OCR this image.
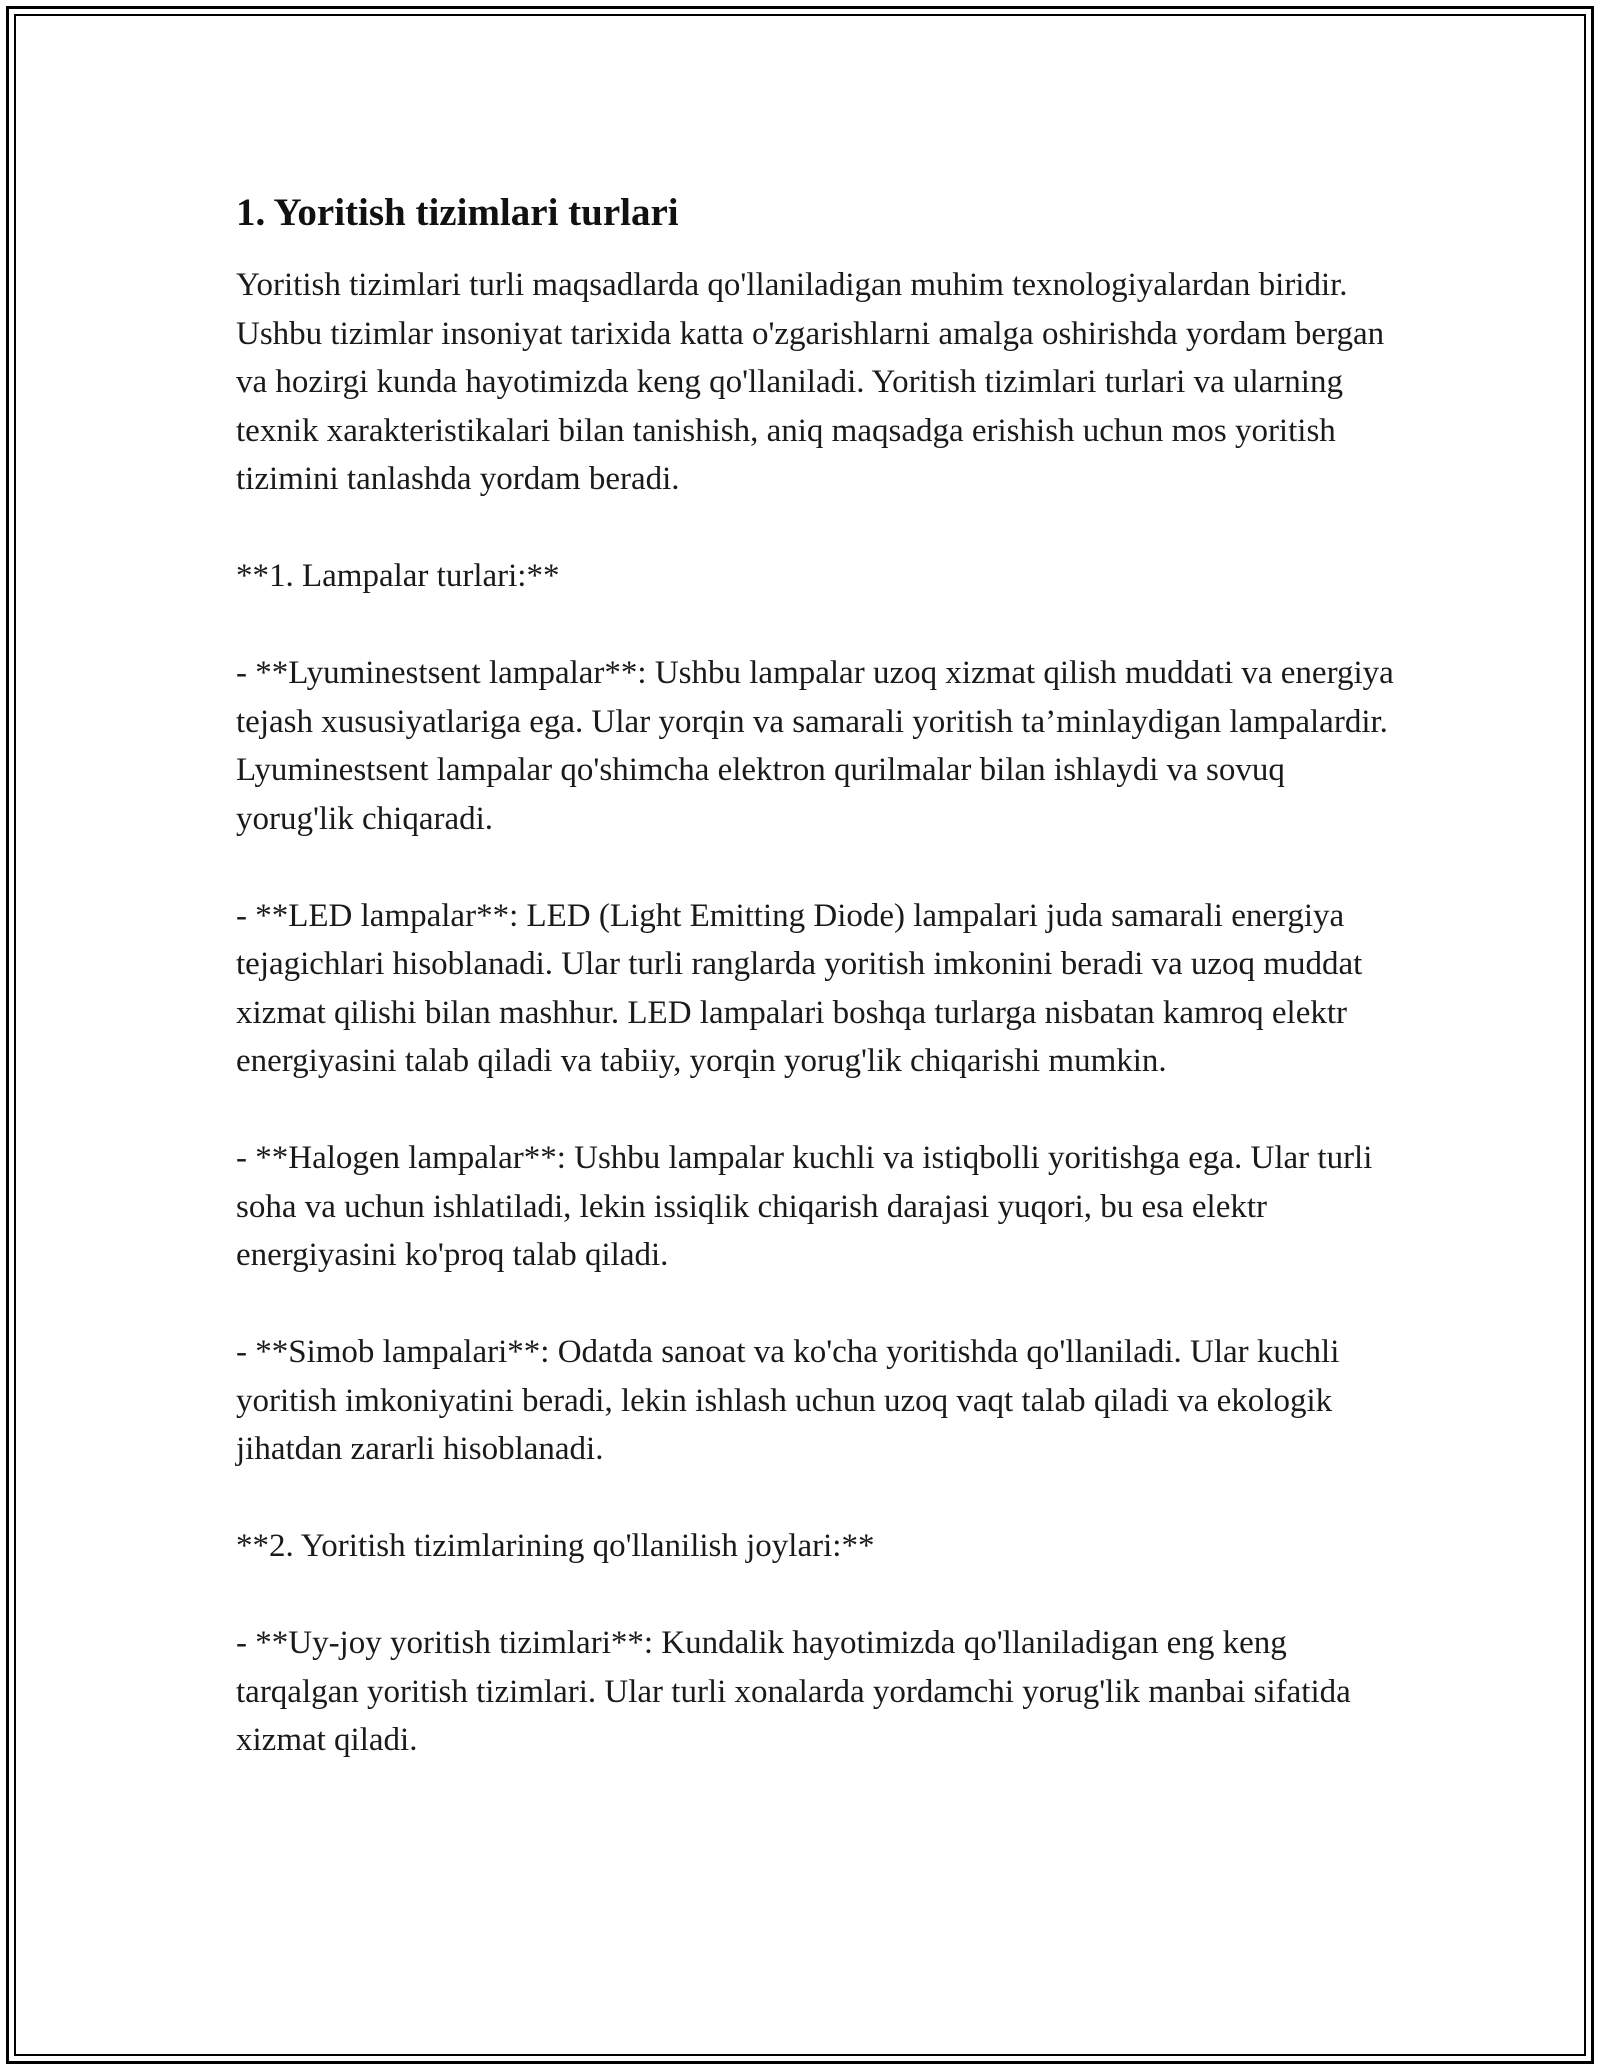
1. Yoritish tizimlari turlari

Yoritish tizimlari turli maqsadlarda qo'llaniladigan muhim texnologiyalardan biridir. Ushbu tizimlar insoniyat tarixida katta o'zgarishlarni amalga oshirishda yordam bergan va hozirgi kunda hayotimizda keng qo'llaniladi. Yoritish tizimlari turlari va ularning texnik xarakteristikalari bilan tanishish, aniq maqsadga erishish uchun mos yoritish tizimini tanlashda yordam beradi.

**1. Lampalar turlari:**

- **Lyuminestsent lampalar**: Ushbu lampalar uzoq xizmat qilish muddati va energiya tejash xususiyatlariga ega. Ular yorqin va samarali yoritish ta’minlaydigan lampalardir. Lyuminestsent lampalar qo'shimcha elektron qurilmalar bilan ishlaydi va sovuq yorug'lik chiqaradi.

- **LED lampalar**: LED (Light Emitting Diode) lampalari juda samarali energiya tejagichlari hisoblanadi. Ular turli ranglarda yoritish imkonini beradi va uzoq muddat xizmat qilishi bilan mashhur. LED lampalari boshqa turlarga nisbatan kamroq elektr energiyasini talab qiladi va tabiiy, yorqin yorug'lik chiqarishi mumkin.

- **Halogen lampalar**: Ushbu lampalar kuchli va istiqbolli yoritishga ega. Ular turli soha va uchun ishlatiladi, lekin issiqlik chiqarish darajasi yuqori, bu esa elektr energiyasini ko'proq talab qiladi.

- **Simob lampalari**: Odatda sanoat va ko'cha yoritishda qo'llaniladi. Ular kuchli yoritish imkoniyatini beradi, lekin ishlash uchun uzoq vaqt talab qiladi va ekologik jihatdan zararli hisoblanadi.

**2. Yoritish tizimlarining qo'llanilish joylari:**

- **Uy-joy yoritish tizimlari**: Kundalik hayotimizda qo'llaniladigan eng keng tarqalgan yoritish tizimlari. Ular turli xonalarda yordamchi yorug'lik manbai sifatida xizmat qiladi.
